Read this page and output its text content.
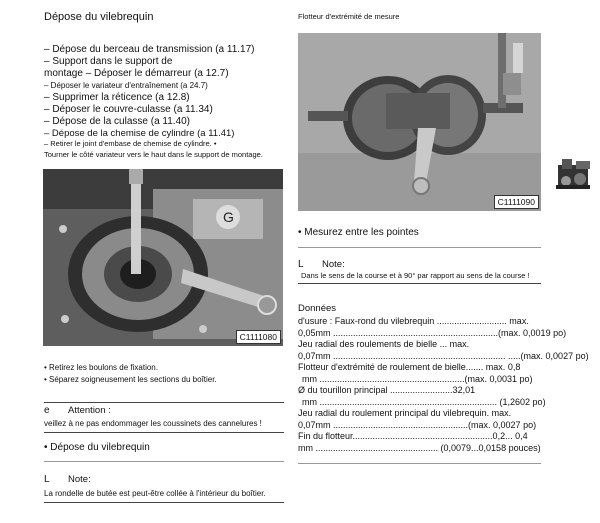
Dépose du vilebrequin
– Dépose du berceau de transmission (a 11.17)
– Support dans le support de
montage – Déposer le démarreur (a 12.7)
– Déposer le variateur d'entraînement (a 24.7)
– Supprimer la réticence (a 12.8)
– Déposer le couvre-culasse (a 11.34)
– Dépose de la culasse (a 11.40)
– Dépose de la chemise de cylindre (a 11.41)
– Retirer le joint d'embase de chemise de cylindre. •
Tourner le côté variateur vers le haut dans le support de montage.
G
C1111080
• Retirez les boulons de fixation.
• Séparez soigneusement les sections du boîtier.
e Attention :
veillez à ne pas endommager les coussinets des cannelures !
• Dépose du vilebrequin
L Note:
La rondelle de butée est peut-être collée à l'intérieur du boîtier.
Flotteur d'extrémité de mesure
C1111090
• Mesurez entre les pointes
L Note:
Dans le sens de la course et à 90° par rapport au sens de la course !
Données
d'usure : Faux-rond du vilebrequin ............................ max.
0,05mm ..................................................................(max. 0,0019 po)
Jeu radial des roulements de bielle ... max.
0,07mm ..................................................................... .....(max. 0,0027 po)
Flotteur d'extrémité de roulement de bielle....... max. 0,8
mm ..........................................................(max. 0,0031 po)
Ø du tourillon principal .........................32,01
mm ....................................................................... (1,2602 po)
Jeu radial du roulement principal du vilebrequin. max.
0,07mm ......................................................(max. 0,0027 po)
Fin du flotteur........................................................0,2... 0,4
mm ................................................. (0,0079...0,0158 pouces)
